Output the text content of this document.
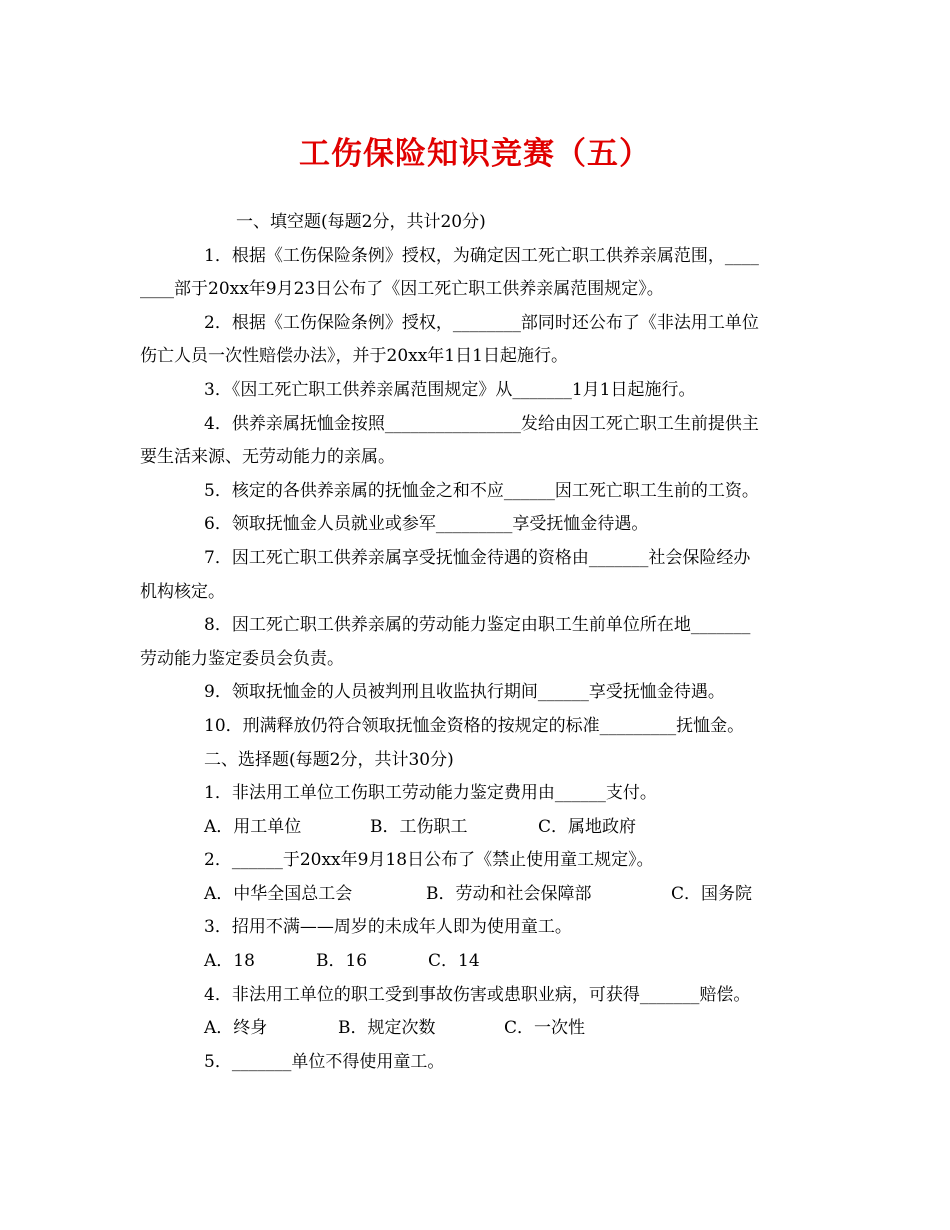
工伤保险知识竞赛（五）
一、填空题(每题2分，共计20分)
1．根据《工伤保险条例》授权，为确定因工死亡职工供养亲属范围，____
____部于20xx年9月23日公布了《因工死亡职工供养亲属范围规定》。
2．根据《工伤保险条例》授权，________部同时还公布了《非法用工单位
伤亡人员一次性赔偿办法》，并于20xx年1日1日起施行。
3．《因工死亡职工供养亲属范围规定》从_______1月1日起施行。
4．供养亲属抚恤金按照________________发给由因工死亡职工生前提供主
要生活来源、无劳动能力的亲属。
5．核定的各供养亲属的抚恤金之和不应______因工死亡职工生前的工资。
6．领取抚恤金人员就业或参军_________享受抚恤金待遇。
7．因工死亡职工供养亲属享受抚恤金待遇的资格由_______社会保险经办
机构核定。
8．因工死亡职工供养亲属的劳动能力鉴定由职工生前单位所在地_______
劳动能力鉴定委员会负责。
9．领取抚恤金的人员被判刑且收监执行期间______享受抚恤金待遇。
10．刑满释放仍符合领取抚恤金资格的按规定的标准_________抚恤金。
二、选择题(每题2分，共计30分)
1．非法用工单位工伤职工劳动能力鉴定费用由______支付。
A．用工单位	B．工伤职工	C．属地政府
2．______于20xx年9月18日公布了《禁止使用童工规定》。
A．中华全国总工会	B．劳动和社会保障部	C．国务院
3．招用不满——周岁的未成年人即为使用童工。
A．18	B．16	C．14
4．非法用工单位的职工受到事故伤害或患职业病，可获得_______赔偿。
A．终身	B．规定次数	C．一次性
5．_______单位不得使用童工。
